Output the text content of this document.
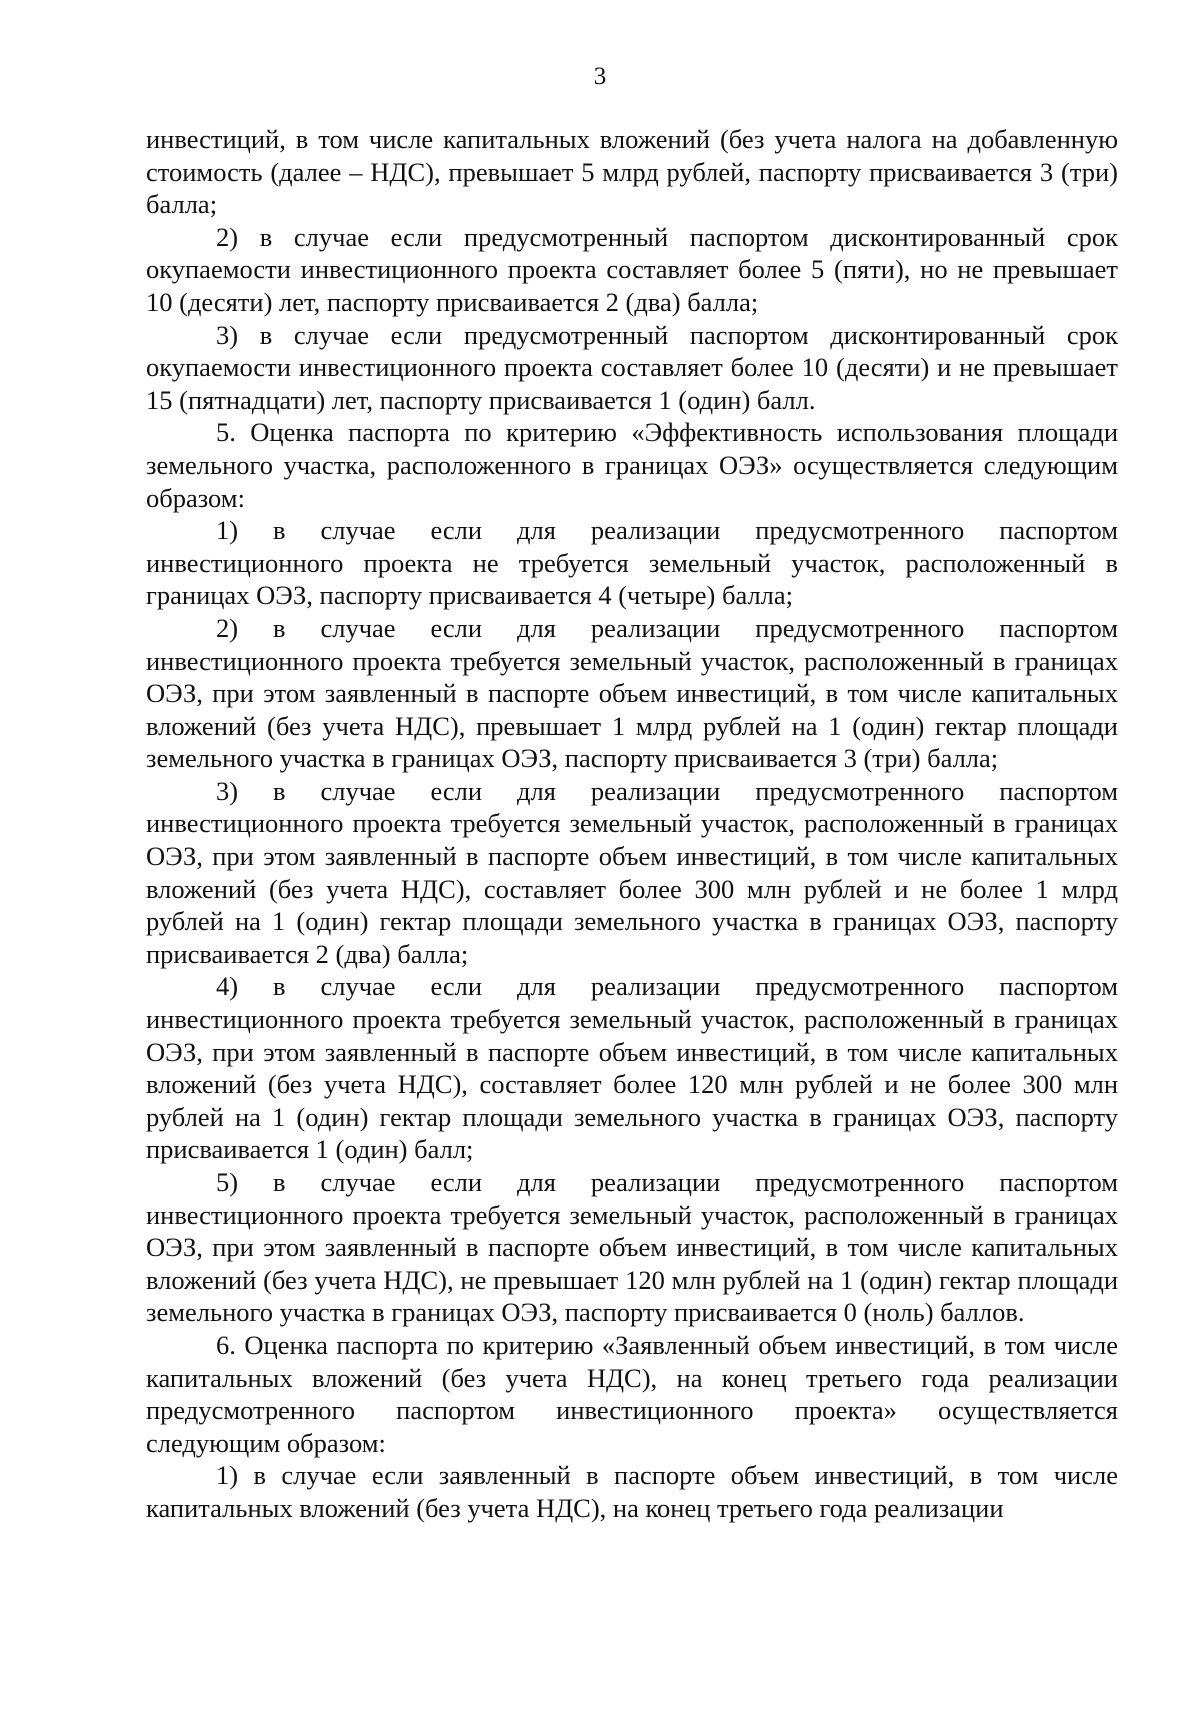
3

инвестиций, в том числе капитальных вложений (без учета налога на добавленную стоимость (далее – НДС), превышает 5 млрд рублей, паспорту присваивается 3 (три) балла;

2) в случае если предусмотренный паспортом дисконтированный срок окупаемости инвестиционного проекта составляет более 5 (пяти), но не превышает 10 (десяти) лет, паспорту присваивается 2 (два) балла;

3) в случае если предусмотренный паспортом дисконтированный срок окупаемости инвестиционного проекта составляет более 10 (десяти) и не превышает 15 (пятнадцати) лет, паспорту присваивается 1 (один) балл.

5. Оценка паспорта по критерию «Эффективность использования площади земельного участка, расположенного в границах ОЭЗ» осуществляется следующим образом:

1) в случае если для реализации предусмотренного паспортом инвестиционного проекта не требуется земельный участок, расположенный в границах ОЭЗ, паспорту присваивается 4 (четыре) балла;

2) в случае если для реализации предусмотренного паспортом инвестиционного проекта требуется земельный участок, расположенный в границах ОЭЗ, при этом заявленный в паспорте объем инвестиций, в том числе капитальных вложений (без учета НДС), превышает 1 млрд рублей на 1 (один) гектар площади земельного участка в границах ОЭЗ, паспорту присваивается 3 (три) балла;

3) в случае если для реализации предусмотренного паспортом инвестиционного проекта требуется земельный участок, расположенный в границах ОЭЗ, при этом заявленный в паспорте объем инвестиций, в том числе капитальных вложений (без учета НДС), составляет более 300 млн рублей и не более 1 млрд рублей на 1 (один) гектар площади земельного участка в границах ОЭЗ, паспорту присваивается 2 (два) балла;

4) в случае если для реализации предусмотренного паспортом инвестиционного проекта требуется земельный участок, расположенный в границах ОЭЗ, при этом заявленный в паспорте объем инвестиций, в том числе капитальных вложений (без учета НДС), составляет более 120 млн рублей и не более 300 млн рублей на 1 (один) гектар площади земельного участка в границах ОЭЗ, паспорту присваивается 1 (один) балл;

5) в случае если для реализации предусмотренного паспортом инвестиционного проекта требуется земельный участок, расположенный в границах ОЭЗ, при этом заявленный в паспорте объем инвестиций, в том числе капитальных вложений (без учета НДС), не превышает 120 млн рублей на 1 (один) гектар площади земельного участка в границах ОЭЗ, паспорту присваивается 0 (ноль) баллов.

6. Оценка паспорта по критерию «Заявленный объем инвестиций, в том числе капитальных вложений (без учета НДС), на конец третьего года реализации предусмотренного паспортом инвестиционного проекта» осуществляется следующим образом:

1) в случае если заявленный в паспорте объем инвестиций, в том числе капитальных вложений (без учета НДС), на конец третьего года реализации
